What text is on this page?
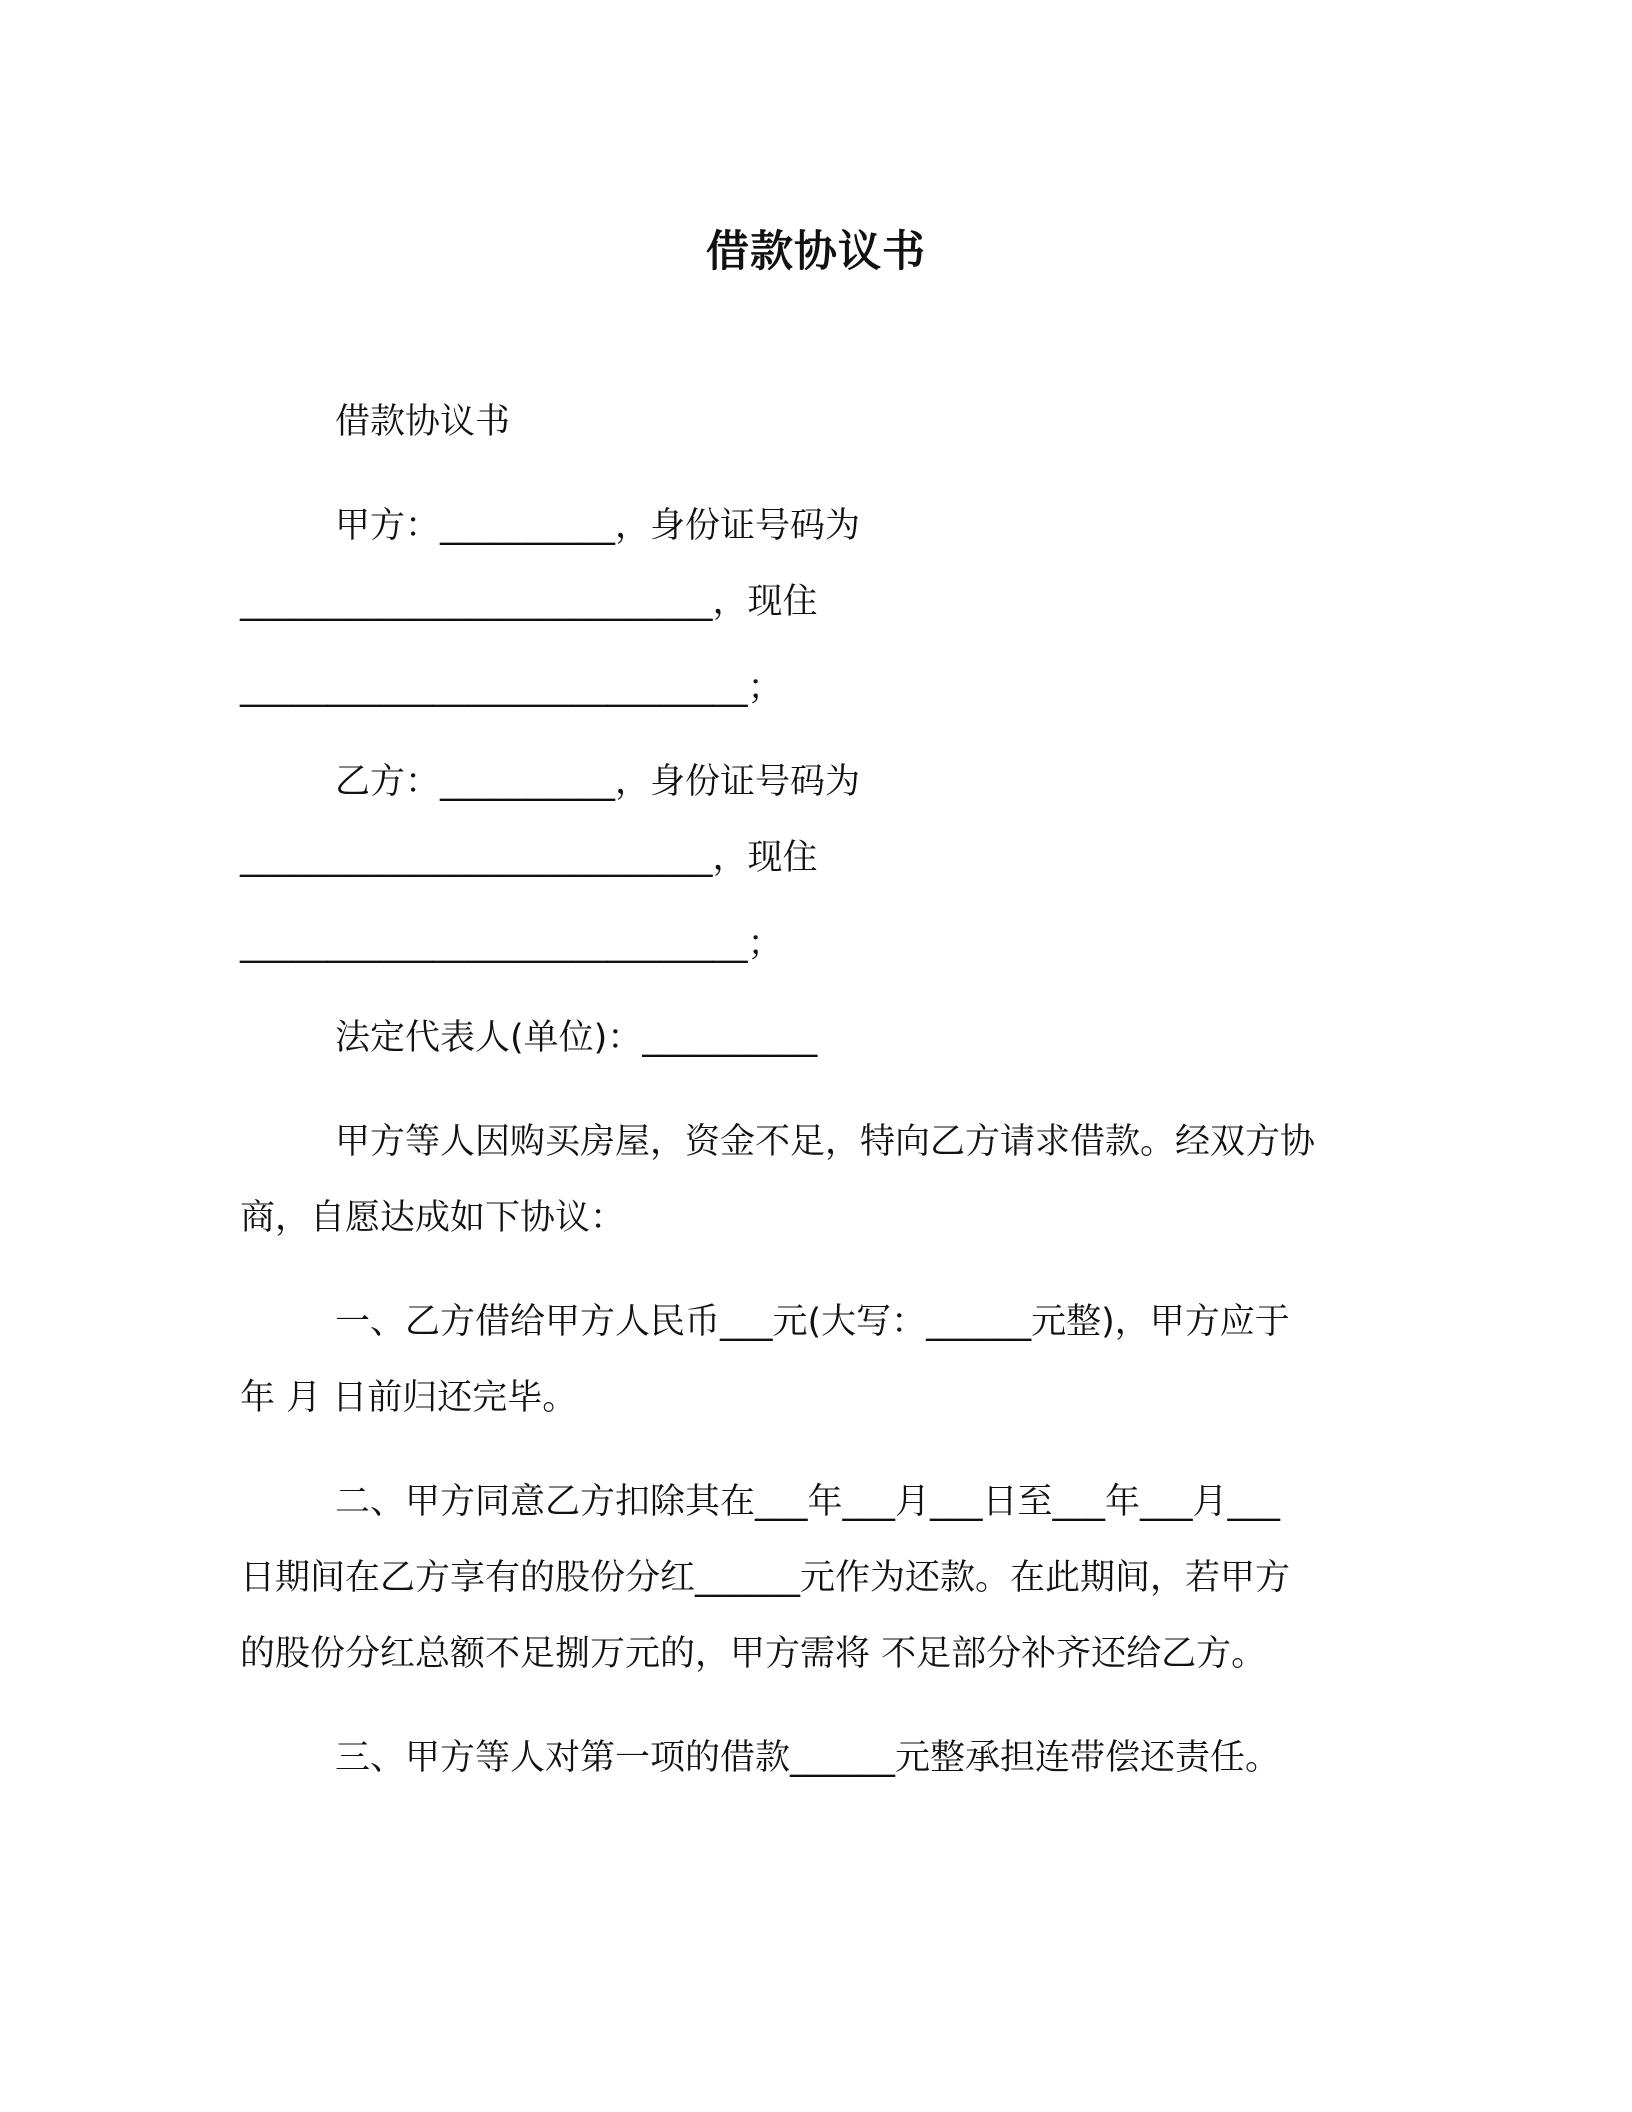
借款协议书
借款协议书
甲方：__________，身份证号码为
___________________________，现住
_____________________________；
乙方：__________，身份证号码为
___________________________，现住
_____________________________；
法定代表人(单位)：__________
甲方等人因购买房屋，资金不足，特向乙方请求借款。经双方协
商，自愿达成如下协议：
一、乙方借给甲方人民币___元(大写：______元整)，甲方应于
年 月 日前归还完毕。
二、甲方同意乙方扣除其在___年___月___日至___年___月___
日期间在乙方享有的股份分红______元作为还款。在此期间，若甲方
的股份分红总额不足捌万元的，甲方需将 不足部分补齐还给乙方。
三、甲方等人对第一项的借款______元整承担连带偿还责任。
